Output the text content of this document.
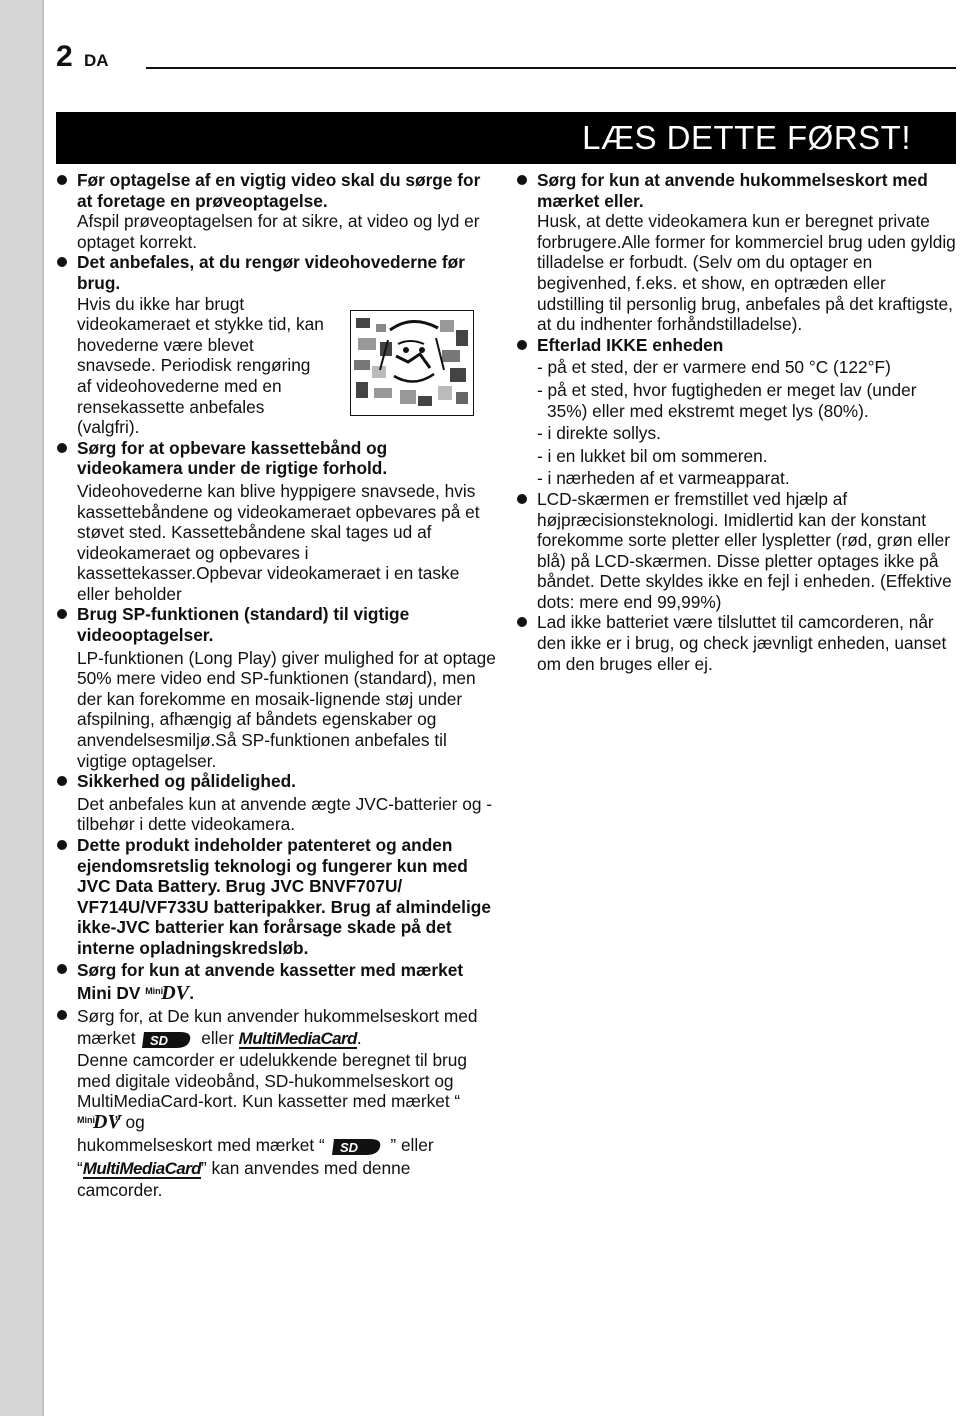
2 DA
LÆS DETTE FØRST!
Før optagelse af en vigtig video skal du sørge for at foretage en prøveoptagelse.
Afspil prøveoptagelsen for at sikre, at video og lyd er optaget korrekt.
Det anbefales, at du rengør videohovederne før brug.
Hvis du ikke har brugt videokameraet et stykke tid, kan hovederne være blevet snavsede. Periodisk rengøring af videohovederne med en rensekassette anbefales (valgfri).
Sørg for at opbevare kassettebånd og videokamera under de rigtige forhold.
Videohovederne kan blive hyppigere snavsede, hvis kassettebåndene og videokameraet opbevares på et støvet sted. Kassettebåndene skal tages ud af videokameraet og opbevares i kassettekasser.Opbevar videokameraet i en taske eller beholder
Brug SP-funktionen (standard) til vigtige videooptagelser.
LP-funktionen (Long Play) giver mulighed for at optage 50% mere video end SP-funktionen (standard), men der kan forekomme en mosaik-lignende støj under afspilning, afhængig af båndets egenskaber og anvendelsesmiljø.Så SP-funktionen anbefales til vigtige optagelser.
Sikkerhed og pålidelighed.
Det anbefales kun at anvende ægte JVC-batterier og -tilbehør i dette videokamera.
Dette produkt indeholder patenteret og anden ejendomsretslig teknologi og fungerer kun med JVC Data Battery. Brug JVC BNVF707U/ VF714U/VF733U batteripakker. Brug af almindelige ikke-JVC batterier kan forårsage skade på det interne opladningskredsløb.
Sørg for kun at anvende kassetter med mærket Mini DV Mini
DV .
Sørg for, at De kun anvender hukommelseskort med mærket SD eller MultiMediaCard.
Denne camcorder er udelukkende beregnet til brug med digitale videobånd, SD-hukommelseskort og MultiMediaCard-kort. Kun kassetter med mærket “
Mini
DV
” og
hukommelseskort med mærket “ SD ” eller
“MultiMediaCard” kan anvendes med denne camcorder.
Sørg for kun at anvende hukommelseskort med mærket eller.
Husk, at dette videokamera kun er beregnet private forbrugere.Alle former for kommerciel brug uden gyldig tilladelse er forbudt. (Selv om du optager en begivenhed, f.eks. et show, en optræden eller udstilling til personlig brug, anbefales på det kraftigste, at du indhenter forhåndstilladelse).
Efterlad IKKE enheden
- på et sted, der er varmere end 50 °C (122°F)
- på et sted, hvor fugtigheden er meget lav (under
35%) eller med ekstremt meget lys (80%).
- i direkte sollys.
- i en lukket bil om sommeren.
- i nærheden af et varmeapparat.
LCD-skærmen er fremstillet ved hjælp af højpræcisionsteknologi. Imidlertid kan der konstant forekomme sorte pletter eller lyspletter (rød, grøn eller blå) på LCD-skærmen. Disse pletter optages ikke på båndet. Dette skyldes ikke en fejl i enheden. (Effektive dots: mere end 99,99%)
Lad ikke batteriet være tilsluttet til camcorderen, når den ikke er i brug, og check jævnligt enheden, uanset om den bruges eller ej.
